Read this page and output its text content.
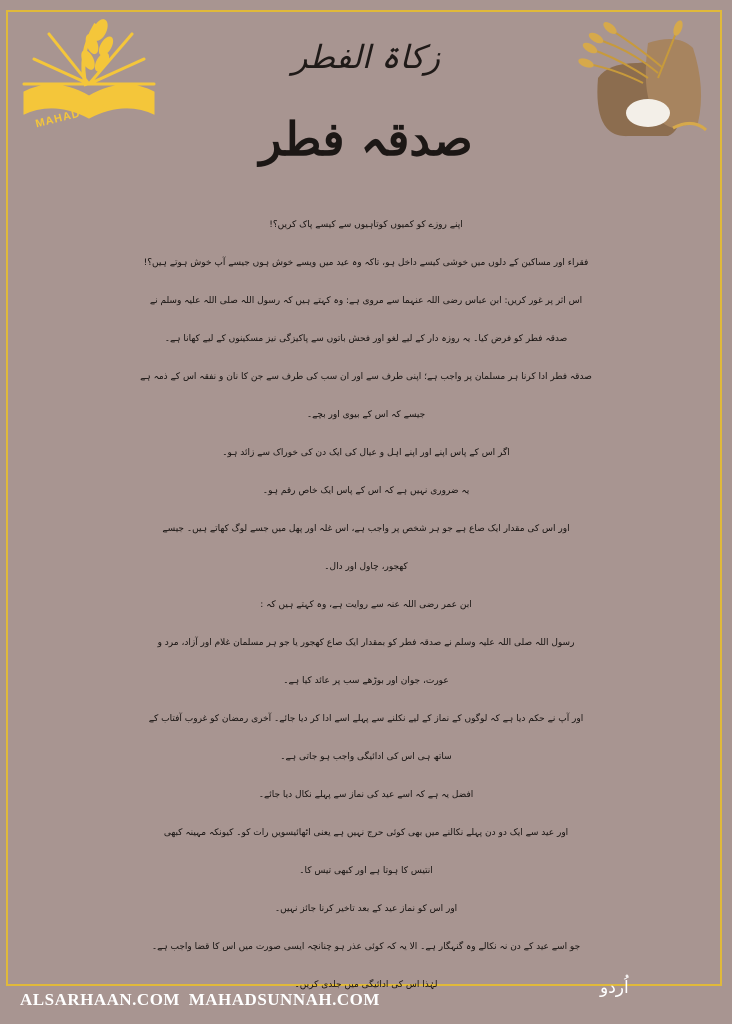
MAHAD SUNNAH
زکاۃ الفطر
صدقہ فطر
اپنے روزے کو کمیوں کوتاہیوں سے کیسے پاک کریں؟!
فقراء اور مساکین کے دلوں میں خوشی کیسے داخل ہو، تاکہ وہ عید میں ویسے خوش ہوں جیسے آپ خوش ہوتے ہیں؟!
اس اثر پر غور کریں: ابن عباس رضی اللہ عنہما سے مروی ہے: وہ کہتے ہیں کہ رسول اللہ صلی اللہ علیہ وسلم نے
صدقہ فطر کو فرض کیا۔ یہ روزہ دار کے لیے لغو اور فحش باتوں سے پاکیزگی نیز مسکینوں کے لیے کھانا ہے۔
صدقہ فطر ادا کرنا ہر مسلمان پر واجب ہے؛ اپنی طرف سے اور ان سب کی طرف سے جن کا نان و نفقہ اس کے ذمہ ہے
جیسے کہ اس کے بیوی اور بچے۔
اگر اس کے پاس اپنے اور اپنے اہل و عیال کی ایک دن کی خوراک سے زائد ہو۔
یہ ضروری نہیں ہے کہ اس کے پاس ایک خاص رقم ہو۔
اور اس کی مقدار ایک صاع ہے جو ہر شخص پر واجب ہے، اس غلہ اور پھل میں جسے لوگ کھاتے ہیں۔ جیسے
کھجور، چاول اور دال۔
ابن عمر رضی اللہ عنہ سے روایت ہے، وہ کہتے ہیں کہ :
رسول اللہ صلی اللہ علیہ وسلم نے صدقہ فطر کو بمقدار ایک صاع کھجور یا جو ہر مسلمان غلام اور آزاد، مرد و
عورت، جوان اور بوڑھے سب پر عائد کیا ہے۔
اور آپ نے حکم دیا ہے کہ لوگوں کے نماز کے لیے نکلنے سے پہلے اسے ادا کر دیا جائے۔ آخری رمضان کو غروب آفتاب کے
ساتھ ہی اس کی ادائیگی واجب ہو جاتی ہے۔
افضل یہ ہے کہ اسے عید کی نماز سے پہلے نکال دیا جائے۔
اور عید سے ایک دو دن پہلے نکالنے میں بھی کوئی حرج نہیں ہے یعنی اٹھائیسویں رات کو۔ کیونکہ مہینہ کبھی
انتیس کا ہوتا ہے اور کبھی تیس کا۔
اور اس کو نماز عید کے بعد تاخیر کرنا جائز نہیں۔
جو اسے عید کے دن نہ نکالے وہ گنہگار ہے۔ الا یہ کہ کوئی عذر ہو چنانچہ ایسی صورت میں اس کا قضا واجب ہے۔
لہٰذا اس کی ادائیگی میں جلدی کریں۔	اُردو
ALSARHAAN.COM MAHADSUNNAH.COM
